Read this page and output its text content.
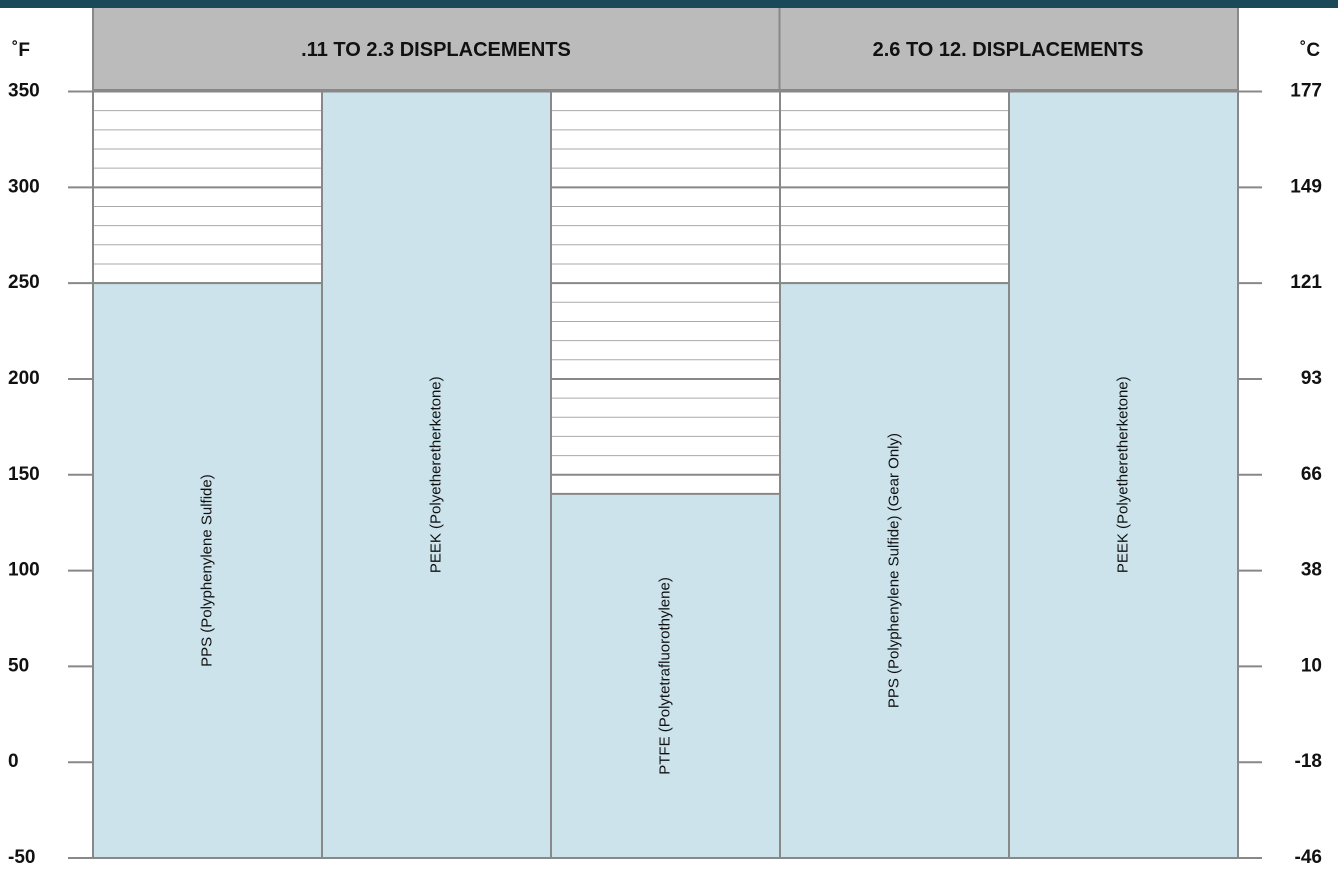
.11 TO 2.3 DISPLACEMENTS	2.6 TO 12. DISPLACEMENTS
˚F	˚C
PPS (Polyphenylene Sulfide)	PEEK (Polyetheretherketone)
PTFE (Polytetrafluorothylene)	PPS (Polyphenylene Sulfide) (Gear Only)	PEEK (Polyetheretherketone)
350	177
300	149
250	121
200	93
150	66
100	38
50	10
0	-18
-50	-46
